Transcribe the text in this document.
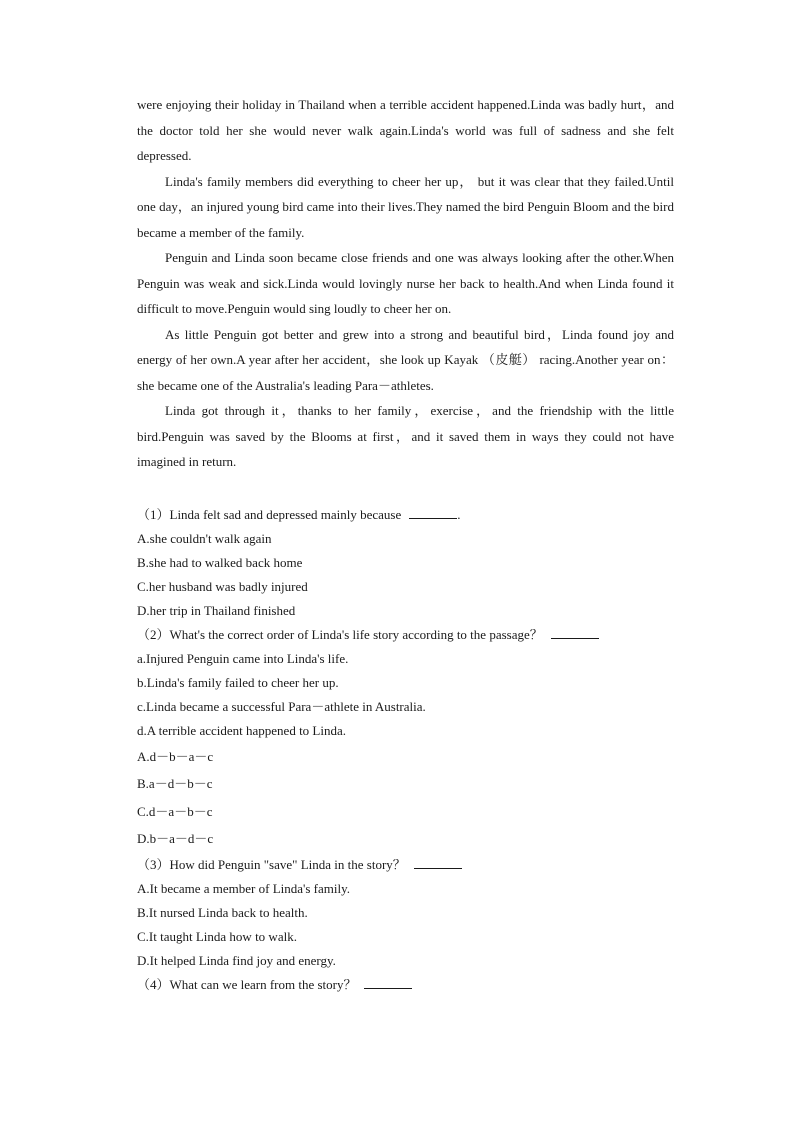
were enjoying their holiday in Thailand when a terrible accident happened.Linda was badly hurt，and the doctor told her she would never walk again.Linda's world was full of sadness and she felt depressed.

Linda's family members did everything to cheer her up， but it was clear that they failed.Until one day，an injured young bird came into their lives.They named the bird Penguin Bloom and the bird became a member of the family.

Penguin and Linda soon became close friends and one was always looking after the other.When Penguin was weak and sick.Linda would lovingly nurse her back to health.And when Linda found it difficult to move.Penguin would sing loudly to cheer her on.

As little Penguin got better and grew into a strong and beautiful bird，Linda found joy and energy of her own.A year after her accident，she look up Kayak （皮艇） racing.Another year on：she became one of the Australia's leading Para－athletes.

Linda got through it，thanks to her family，exercise，and the friendship with the little bird.Penguin was saved by the Blooms at first，and it saved them in ways they could not have imagined in return.

（1）Linda felt sad and depressed mainly because	.

A.she couldn't walk again

B.she had to walked back home

C.her husband was badly injured

D.her trip in Thailand finished

（2）What's the correct order of Linda's life story according to the passage？

a.Injured Penguin came into Linda's life.

b.Linda's family failed to cheer her up.

c.Linda became a successful Para－athlete in Australia.

d.A terrible accident happened to Linda.

A.d－b－a－c

B.a－d－b－c

C.d－a－b－c

D.b－a－d－c

（3）How did Penguin "save" Linda in the story？

A.It became a member of Linda's family.

B.It nursed Linda back to health.

C.It taught Linda how to walk.

D.It helped Linda find joy and energy.

（4）What can we learn from the story？
